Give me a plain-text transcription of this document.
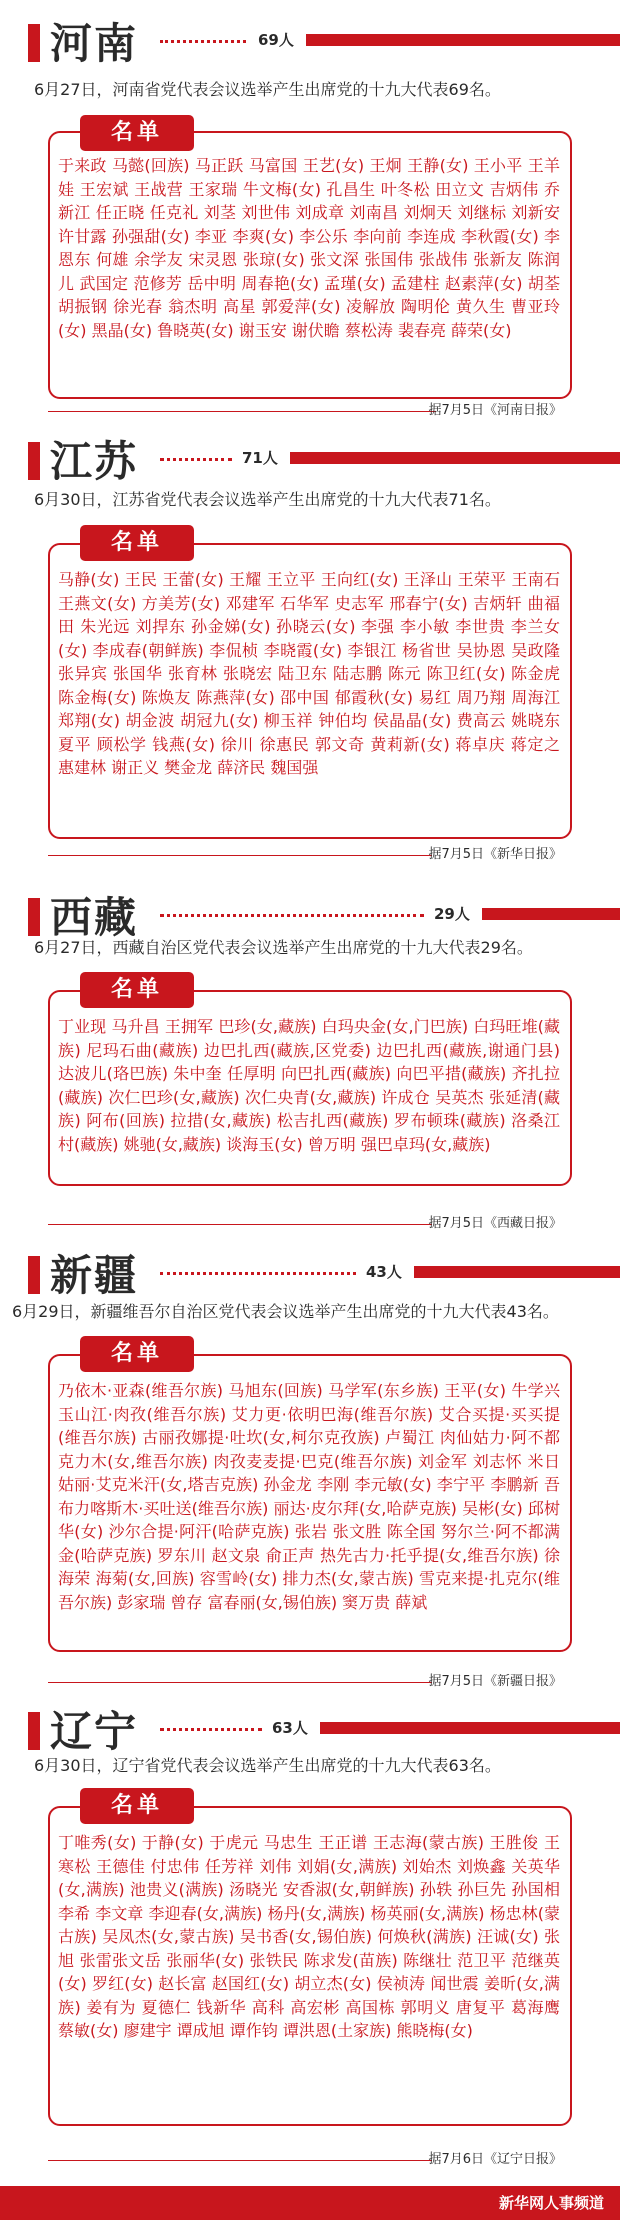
河南	69人
6月27日，河南省党代表会议选举产生出席党的十九大代表69名。
名单
于来政 马懿(回族) 马正跃 马富国 王艺(女) 王炯 王静(女) 王小平 王羊娃 王宏斌 王战营 王家瑞 牛文梅(女) 孔昌生 叶冬松 田立文 吉炳伟 乔新江 任正晓 任克礼 刘茎 刘世伟 刘成章 刘南昌 刘炯天 刘继标 刘新安 许甘露 孙强甜(女) 李亚 李爽(女) 李公乐 李向前 李连成 李秋霞(女) 李恩东 何雄 余学友 宋灵恩 张琼(女) 张文深 张国伟 张战伟 张新友 陈润儿 武国定 范修芳 岳中明 周春艳(女) 孟瑾(女) 孟建柱 赵素萍(女) 胡荃 胡振钢 徐光春 翁杰明 高星 郭爱萍(女) 凌解放 陶明伦 黄久生 曹亚玲(女) 黑晶(女) 鲁晓英(女) 谢玉安 谢伏瞻 蔡松涛 裴春亮 薛荣(女)
据7月5日《河南日报》
江苏	71人
6月30日，江苏省党代表会议选举产生出席党的十九大代表71名。
名单
马静(女) 王民 王蕾(女) 王耀 王立平 王向红(女) 王泽山 王荣平 王南石 王燕文(女) 方美芳(女) 邓建军 石华军 史志军 邢春宁(女) 吉炳轩 曲福田 朱光远 刘捍东 孙金娣(女) 孙晓云(女) 李强 李小敏 李世贵 李兰女(女) 李成春(朝鲜族) 李侃桢 李晓霞(女) 李银江 杨省世 吴协恩 吴政隆 张异宾 张国华 张育林 张晓宏 陆卫东 陆志鹏 陈元 陈卫红(女) 陈金虎 陈金梅(女) 陈焕友 陈燕萍(女) 邵中国 郁霞秋(女) 易红 周乃翔 周海江 郑翔(女) 胡金波 胡冠九(女) 柳玉祥 钟伯均 侯晶晶(女) 费高云 姚晓东 夏平 顾松学 钱燕(女) 徐川 徐惠民 郭文奇 黄莉新(女) 蒋卓庆 蒋定之 惠建林 谢正义 樊金龙 薛济民 魏国强
据7月5日《新华日报》
西藏	29人
6月27日，西藏自治区党代表会议选举产生出席党的十九大代表29名。
名单
丁业现 马升昌 王拥军 巴珍(女,藏族) 白玛央金(女,门巴族) 白玛旺堆(藏族) 尼玛石曲(藏族) 边巴扎西(藏族,区党委) 边巴扎西(藏族,谢通门县) 达波儿(珞巴族) 朱中奎 任厚明 向巴扎西(藏族) 向巴平措(藏族) 齐扎拉(藏族) 次仁巴珍(女,藏族) 次仁央青(女,藏族) 许成仓 吴英杰 张延清(藏族) 阿布(回族) 拉措(女,藏族) 松吉扎西(藏族) 罗布顿珠(藏族) 洛桑江村(藏族) 姚驰(女,藏族) 谈海玉(女) 曾万明 强巴卓玛(女,藏族)
据7月5日《西藏日报》
新疆	43人
6月29日，新疆维吾尔自治区党代表会议选举产生出席党的十九大代表43名。
名单
乃依木·亚森(维吾尔族) 马旭东(回族) 马学军(东乡族) 王平(女) 牛学兴 玉山江·肉孜(维吾尔族) 艾力更·依明巴海(维吾尔族) 艾合买提·买买提(维吾尔族) 古丽孜娜提·吐坎(女,柯尔克孜族) 卢蜀江 肉仙姑力·阿不都克力木(女,维吾尔族) 肉孜麦麦提·巴克(维吾尔族) 刘金军 刘志怀 米日姑丽·艾克米汗(女,塔吉克族) 孙金龙 李刚 李元敏(女) 李宁平 李鹏新 吾布力喀斯木·买吐送(维吾尔族) 丽达·皮尔拜(女,哈萨克族) 吴彬(女) 邱树华(女) 沙尔合提·阿汗(哈萨克族) 张岩 张文胜 陈全国 努尔兰·阿不都满金(哈萨克族) 罗东川 赵文泉 俞正声 热先古力·托乎提(女,维吾尔族) 徐海荣 海菊(女,回族) 容雪岭(女) 排力杰(女,蒙古族) 雪克来提·扎克尔(维吾尔族) 彭家瑞 曾存 富春丽(女,锡伯族) 窦万贵 薛斌
据7月5日《新疆日报》
辽宁	63人
6月30日，辽宁省党代表会议选举产生出席党的十九大代表63名。
名单
丁唯秀(女) 于静(女) 于虎元 马忠生 王正谱 王志海(蒙古族) 王胜俊 王寒松 王德佳 付忠伟 任芳祥 刘伟 刘娟(女,满族) 刘始杰 刘焕鑫 关英华(女,满族) 池贵义(满族) 汤晓光 安香淑(女,朝鲜族) 孙轶 孙巨先 孙国相 李希 李文章 李迎春(女,满族) 杨丹(女,满族) 杨英丽(女,满族) 杨忠林(蒙古族) 吴凤杰(女,蒙古族) 吴书香(女,锡伯族) 何焕秋(满族) 汪诚(女) 张旭 张雷张文岳 张丽华(女) 张铁民 陈求发(苗族) 陈继壮 范卫平 范继英(女) 罗红(女) 赵长富 赵国红(女) 胡立杰(女) 侯祯涛 闻世震 姜昕(女,满族) 姜有为 夏德仁 钱新华 高科 高宏彬 高国栋 郭明义 唐复平 葛海鹰 蔡敏(女) 廖建宇 谭成旭 谭作钧 谭洪恩(土家族) 熊晓梅(女)
据7月6日《辽宁日报》
新华网人事频道
